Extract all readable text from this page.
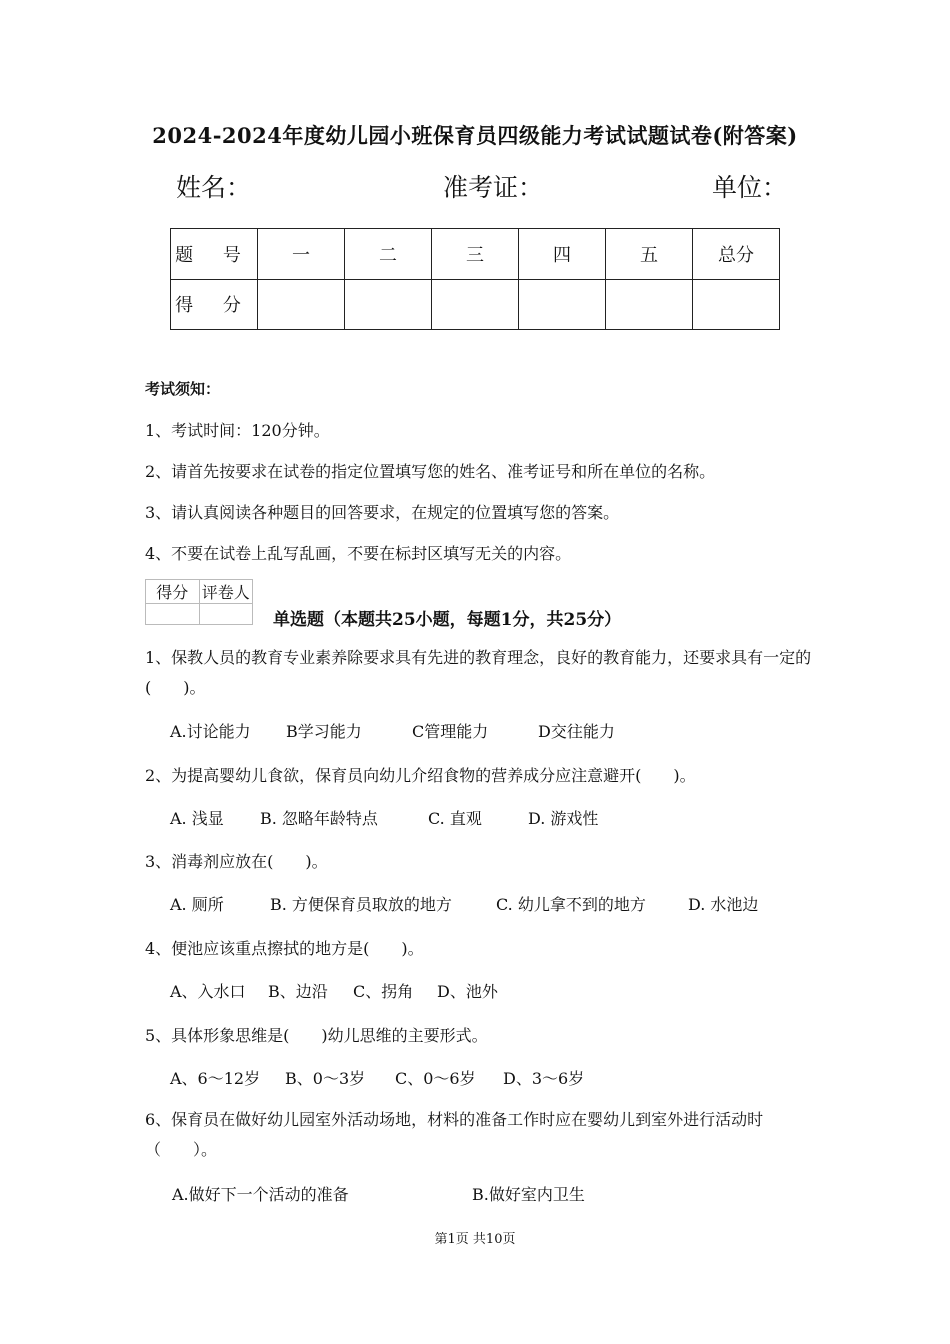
2024-2024年度幼儿园小班保育员四级能力考试试题试卷(附答案)
姓名：	准考证：	单位：
题 号	一	二	三	四	五	总分
得 分						
考试须知：
1、考试时间：120分钟。
2、请首先按要求在试卷的指定位置填写您的姓名、准考证号和所在单位的名称。
3、请认真阅读各种题目的回答要求，在规定的位置填写您的答案。
4、不要在试卷上乱写乱画，不要在标封区填写无关的内容。
得分	评卷人

单选题（本题共25小题，每题1分，共25分）
1、保教人员的教育专业素养除要求具有先进的教育理念，良好的教育能力，还要求具有一定的(　　)。
A.讨论能力 B学习能力	C管理能力	D交往能力
2、为提高婴幼儿食欲，保育员向幼儿介绍食物的营养成分应注意避开(　　)。
A. 浅显 B. 忽略年龄特点	C. 直观	D. 游戏性
3、消毒剂应放在(　　)。
A. 厕所	B. 方便保育员取放的地方	C. 幼儿拿不到的地方	D. 水池边
4、便池应该重点擦拭的地方是(　　)。
A、入水口 B、边沿 C、拐角 D、池外
5、具体形象思维是(　　)幼儿思维的主要形式。
A、6～12岁 B、0～3岁 C、0～6岁 D、3～6岁
6、保育员在做好幼儿园室外活动场地，材料的准备工作时应在婴幼儿到室外进行活动时（　　）。
A.做好下一个活动的准备	B.做好室内卫生
第1页 共10页
